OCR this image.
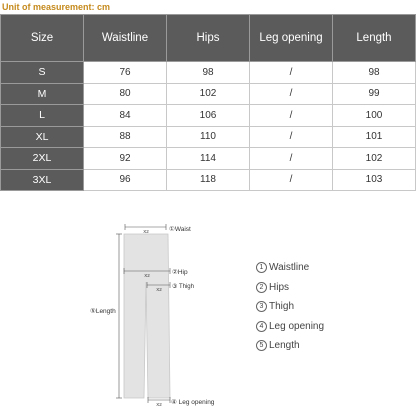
Unit of measurement: cm
Size	Waistline	Hips	Leg opening	Length
S	76	98	/	98
M	80	102	/	99
L	84	106	/	100
XL	88	110	/	101
2XL	92	114	/	102
3XL	96	118	/	103
X2	①Waist
X2	②Hip
X2 ③ Thigh
⑤Length
X2 ④ Leg opening
1 Waistline
2 Hips
3 Thigh
4 Leg opening
5 Length
